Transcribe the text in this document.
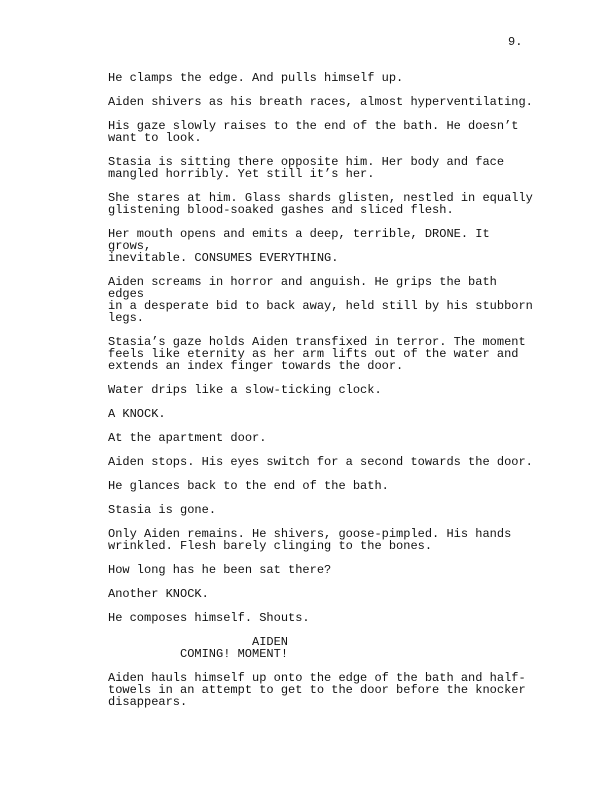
9.

He clamps the edge. And pulls himself up.

Aiden shivers as his breath races, almost hyperventilating.

His gaze slowly raises to the end of the bath. He doesn’t
want to look.

Stasia is sitting there opposite him. Her body and face
mangled horribly. Yet still it’s her.

She stares at him. Glass shards glisten, nestled in equally
glistening blood-soaked gashes and sliced flesh.

Her mouth opens and emits a deep, terrible, DRONE. It grows,
inevitable. CONSUMES EVERYTHING.

Aiden screams in horror and anguish. He grips the bath edges
in a desperate bid to back away, held still by his stubborn
legs.

Stasia’s gaze holds Aiden transfixed in terror. The moment
feels like eternity as her arm lifts out of the water and
extends an index finger towards the door.

Water drips like a slow-ticking clock.

A KNOCK.

At the apartment door.

Aiden stops. His eyes switch for a second towards the door.

He glances back to the end of the bath.

Stasia is gone.

Only Aiden remains. He shivers, goose-pimpled. His hands
wrinkled. Flesh barely clinging to the bones.

How long has he been sat there?

Another KNOCK.

He composes himself. Shouts.

AIDEN

COMING! MOMENT!

Aiden hauls himself up onto the edge of the bath and half-
towels in an attempt to get to the door before the knocker
disappears.
